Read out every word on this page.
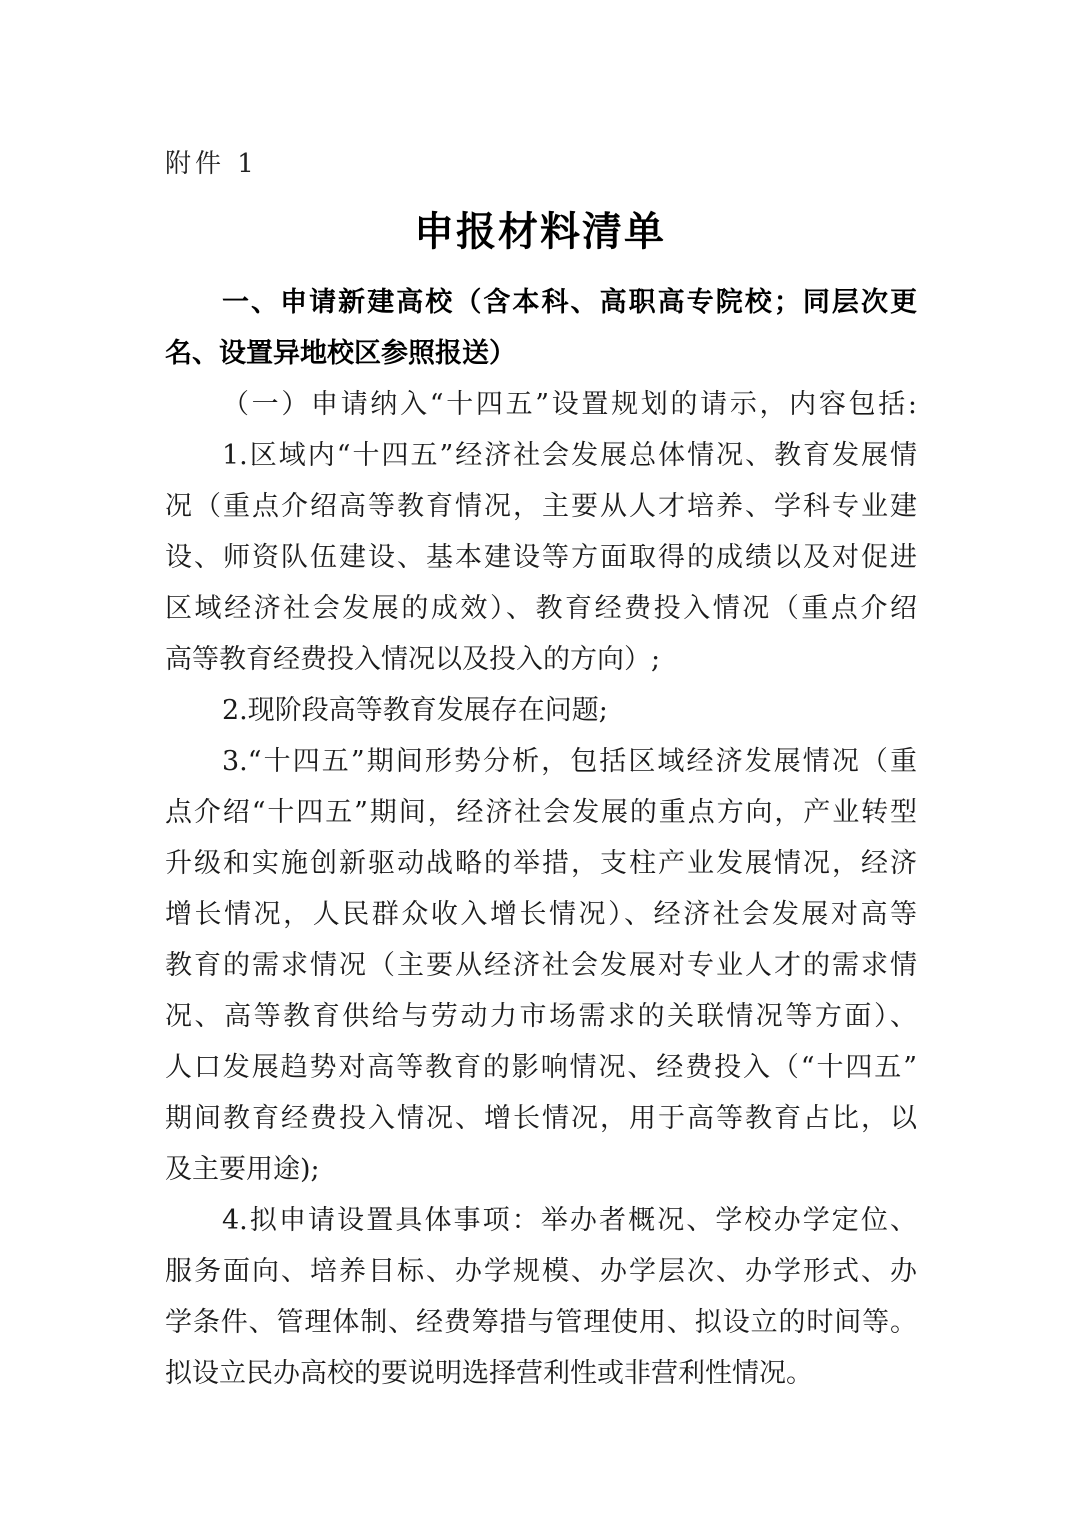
附件 1
申报材料清单
一、申请新建高校（含本科、高职高专院校；同层次更
名、设置异地校区参照报送）
（一）申请纳入“十四五”设置规划的请示，内容包括:
1.区域内“十四五”经济社会发展总体情况、教育发展情
况（重点介绍高等教育情况，主要从人才培养、学科专业建
设、师资队伍建设、基本建设等方面取得的成绩以及对促进
区域经济社会发展的成效）、教育经费投入情况（重点介绍
高等教育经费投入情况以及投入的方向）;
2.现阶段高等教育发展存在问题;
3.“十四五”期间形势分析，包括区域经济发展情况（重
点介绍“十四五”期间，经济社会发展的重点方向，产业转型
升级和实施创新驱动战略的举措，支柱产业发展情况，经济
增长情况，人民群众收入增长情况）、经济社会发展对高等
教育的需求情况（主要从经济社会发展对专业人才的需求情
况、高等教育供给与劳动力市场需求的关联情况等方面）、
人口发展趋势对高等教育的影响情况、经费投入（“十四五”
期间教育经费投入情况、增长情况，用于高等教育占比，以
及主要用途);
4.拟申请设置具体事项：举办者概况、学校办学定位、
服务面向、培养目标、办学规模、办学层次、办学形式、办
学条件、管理体制、经费筹措与管理使用、拟设立的时间等。
拟设立民办高校的要说明选择营利性或非营利性情况。
